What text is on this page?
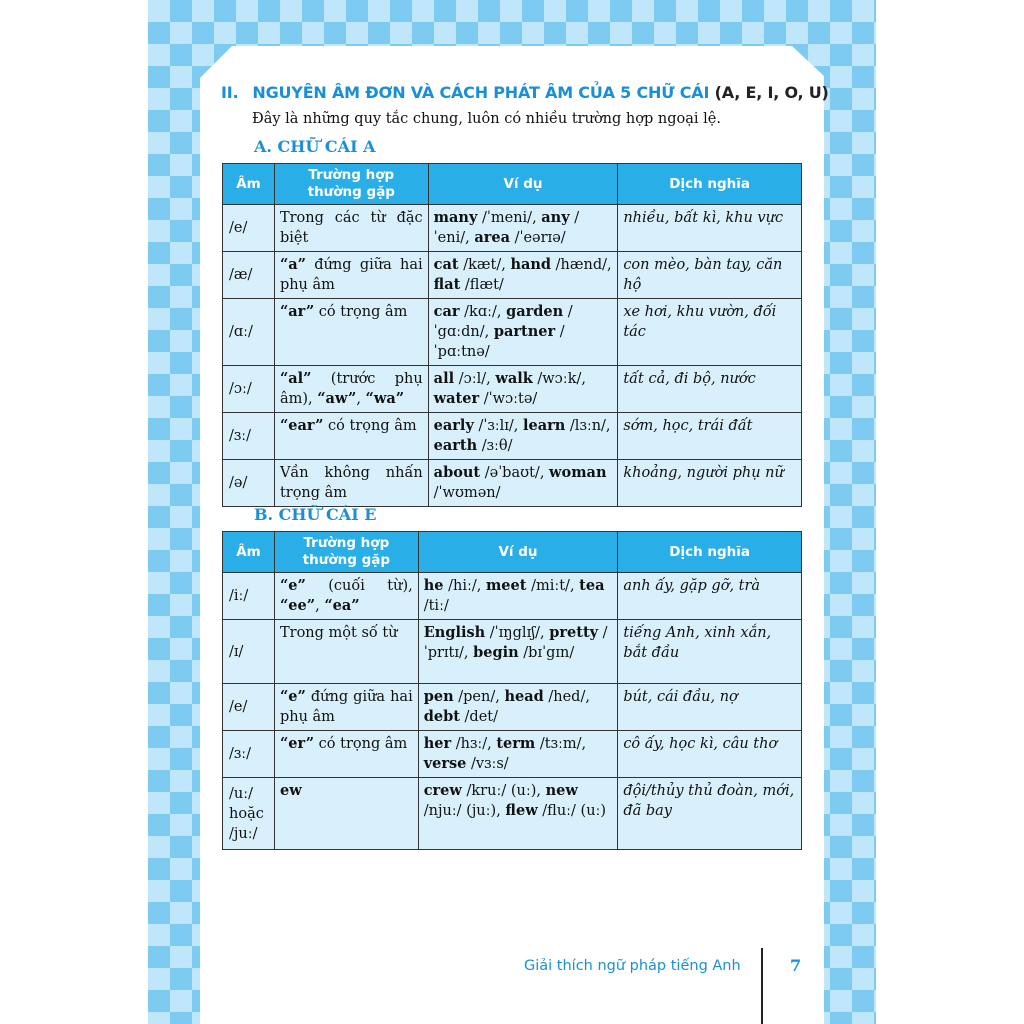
II. NGUYÊN ÂM ĐƠN VÀ CÁCH PHÁT ÂM CỦA 5 CHỮ CÁI (A, E, I, O, U)
Đây là những quy tắc chung, luôn có nhiều trường hợp ngoại lệ.
A. CHỮ CÁI A
Âm	Trường hợp thường gặp	Ví dụ	Dịch nghĩa
/e/	Trong các từ đặc biệt	many /ˈmeni/, any /ˈeni/, area /ˈeərɪə/	nhiều, bất kì, khu vực
/æ/	“a” đứng giữa hai phụ âm	cat /kæt/, hand /hænd/, flat /flæt/	con mèo, bàn tay, căn hộ
/ɑː/	“ar” có trọng âm	car /kɑː/, garden /ˈgɑːdn/, partner /ˈpɑːtnə/	xe hơi, khu vườn, đối tác
/ɔː/	“al” (trước phụ âm), “aw”, “wa”	all /ɔːl/, walk /wɔːk/, water /ˈwɔːtə/	tất cả, đi bộ, nước
/ɜː/	“ear” có trọng âm	early /ˈɜːlɪ/, learn /lɜːn/, earth /ɜːθ/	sớm, học, trái đất
/ə/	Vần không nhấn trọng âm	about /əˈbaʊt/, woman /ˈwʊmən/	khoảng, người phụ nữ
B. CHỮ CÁI E
Âm	Trường hợp thường gặp	Ví dụ	Dịch nghĩa
/iː/	“e” (cuối từ), “ee”, “ea”	he /hiː/, meet /miːt/, tea /tiː/	anh ấy, gặp gỡ, trà
/ɪ/	Trong một số từ	English /ˈɪŋglɪʃ/, pretty /ˈprɪtɪ/, begin /bɪˈgɪn/	tiếng Anh, xinh xắn, bắt đầu
/e/	“e” đứng giữa hai phụ âm	pen /pen/, head /hed/, debt /det/	bút, cái đầu, nợ
/ɜː/	“er” có trọng âm	her /hɜː/, term /tɜːm/, verse /vɜːs/	cô ấy, học kì, câu thơ
/uː/ hoặc /juː/	ew	crew /kruː/ (uː), new /njuː/ (juː), flew /fluː/ (uː)	đội/thủy thủ đoàn, mới, đã bay
Giải thích ngữ pháp tiếng Anh	7
